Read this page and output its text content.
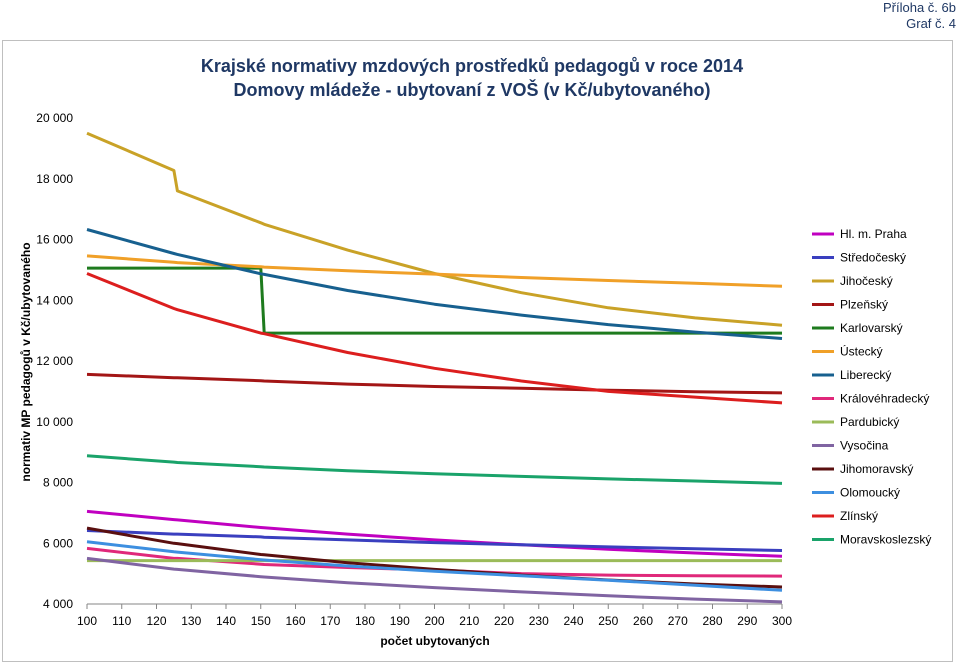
Příloha č. 6b
Graf č. 4
Krajské normativy mzdových prostředků pedagogů v roce 2014
Domovy mládeže - ubytovaní z VOŠ (v Kč/ubytovaného)
normativ MP pedagogů v Kč/ubytovaného
počet ubytovaných
100 110 120 130 140 150 160 170 180 190 200 210 220 230 240 250 260 270 280 290 300
4 000
6 000
8 000
10 000
12 000
14 000
16 000
18 000
20 000
Hl. m. Praha
Středočeský
Jihočeský
Plzeňský
Karlovarský
Ústecký
Liberecký
Královéhradecký
Pardubický
Vysočina
Jihomoravský
Olomoucký
Zlínský
Moravskoslezský
